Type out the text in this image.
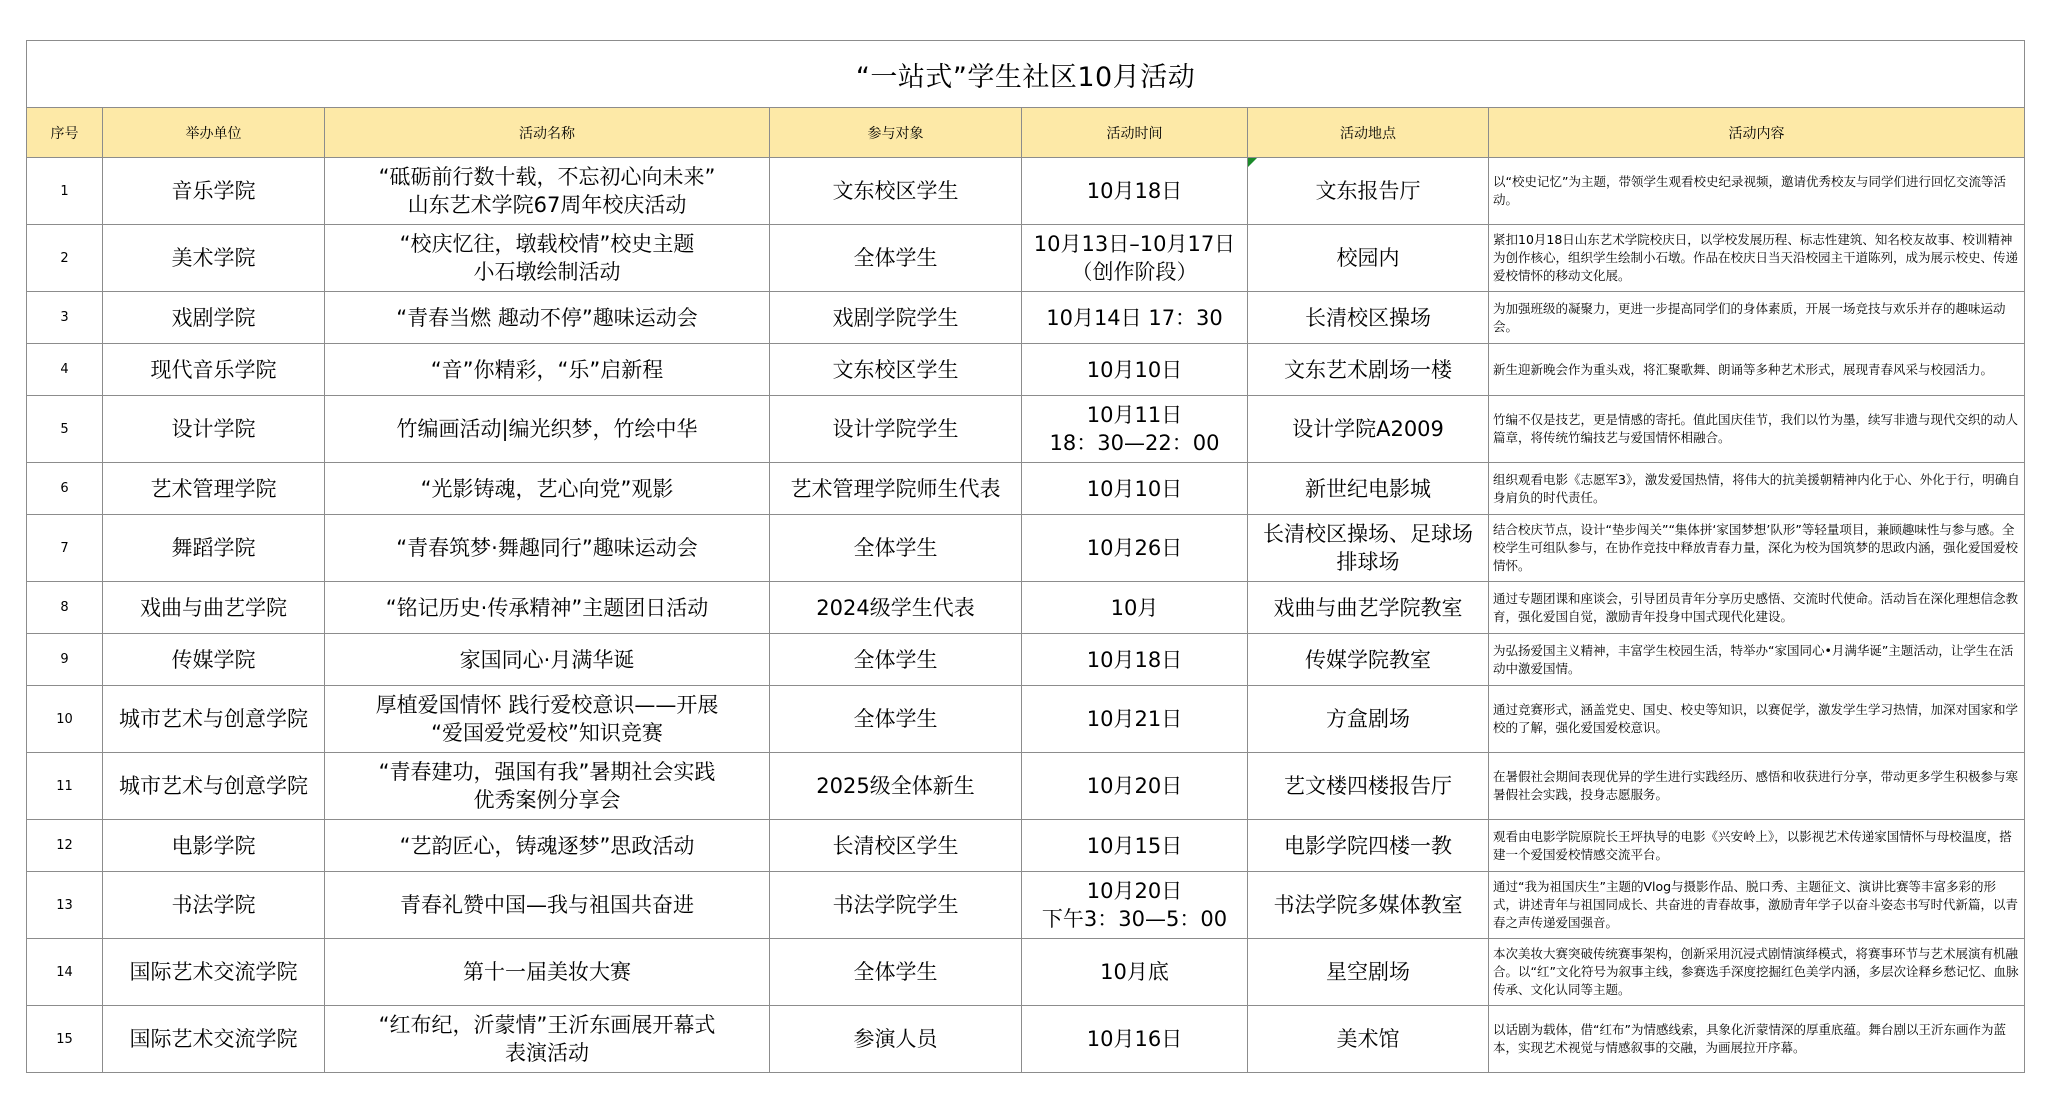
“一站式”学生社区10月活动						
序号	举办单位	活动名称	参与对象	活动时间	活动地点	活动内容
1	音乐学院	“砥砺前行数十载，不忘初心向未来”
山东艺术学院67周年校庆活动	文东校区学生	10月18日	文东报告厅	以“校史记忆”为主题，带领学生观看校史纪录视频，邀请优秀校友与同学们进行回忆交流等活动。
2	美术学院	“校庆忆往，墩载校情”校史主题
小石墩绘制活动	全体学生	10月13日–10月17日
（创作阶段）	校园内	紧扣10月18日山东艺术学院校庆日，以学校发展历程、标志性建筑、知名校友故事、校训精神为创作核心，组织学生绘制小石墩。作品在校庆日当天沿校园主干道陈列，成为展示校史、传递爱校情怀的移动文化展。
3	戏剧学院	“青春当燃 趣动不停”趣味运动会	戏剧学院学生	10月14日 17：30	长清校区操场	为加强班级的凝聚力，更进一步提高同学们的身体素质，开展一场竞技与欢乐并存的趣味运动会。
4	现代音乐学院	“音”你精彩，“乐”启新程	文东校区学生	10月10日	文东艺术剧场一楼	新生迎新晚会作为重头戏，将汇聚歌舞、朗诵等多种艺术形式，展现青春风采与校园活力。
5	设计学院	竹编画活动|编光织梦，竹绘中华	设计学院学生	10月11日
18：30—22：00	设计学院A2009	竹编不仅是技艺，更是情感的寄托。值此国庆佳节，我们以竹为墨，续写非遗与现代交织的动人篇章，将传统竹编技艺与爱国情怀相融合。
6	艺术管理学院	“光影铸魂，艺心向党”观影	艺术管理学院师生代表	10月10日	新世纪电影城	组织观看电影《志愿军3》，激发爱国热情，将伟大的抗美援朝精神内化于心、外化于行，明确自身肩负的时代责任。
7	舞蹈学院	“青春筑梦·舞趣同行”趣味运动会	全体学生	10月26日	长清校区操场、足球场
排球场	结合校庆节点，设计“垫步闯关”“集体拼‘家国梦想’队形”等轻量项目，兼顾趣味性与参与感。全校学生可组队参与，在协作竞技中释放青春力量，深化为校为国筑梦的思政内涵，强化爱国爱校情怀。
8	戏曲与曲艺学院	“铭记历史·传承精神”主题团日活动	2024级学生代表	10月	戏曲与曲艺学院教室	通过专题团课和座谈会，引导团员青年分享历史感悟、交流时代使命。活动旨在深化理想信念教育，强化爱国自觉，激励青年投身中国式现代化建设。
9	传媒学院	家国同心·月满华诞	全体学生	10月18日	传媒学院教室	为弘扬爱国主义精神，丰富学生校园生活，特举办“家国同心•月满华诞”主题活动，让学生在活动中激爱国情。
10	城市艺术与创意学院	厚植爱国情怀 践行爱校意识——开展
“爱国爱党爱校”知识竞赛	全体学生	10月21日	方盒剧场	通过竞赛形式，涵盖党史、国史、校史等知识，以赛促学，激发学生学习热情，加深对国家和学校的了解，强化爱国爱校意识。
11	城市艺术与创意学院	“青春建功，强国有我”暑期社会实践
优秀案例分享会	2025级全体新生	10月20日	艺文楼四楼报告厅	在暑假社会期间表现优异的学生进行实践经历、感悟和收获进行分享，带动更多学生积极参与寒暑假社会实践，投身志愿服务。
12	电影学院	“艺韵匠心，铸魂逐梦”思政活动	长清校区学生	10月15日	电影学院四楼一教	观看由电影学院原院长王坪执导的电影《兴安岭上》，以影视艺术传递家国情怀与母校温度，搭建一个爱国爱校情感交流平台。
13	书法学院	青春礼赞中国—我与祖国共奋进	书法学院学生	10月20日
下午3：30—5：00	书法学院多媒体教室	通过“我为祖国庆生”主题的Vlog与摄影作品、脱口秀、主题征文、演讲比赛等丰富多彩的形式，讲述青年与祖国同成长、共奋进的青春故事，激励青年学子以奋斗姿态书写时代新篇，以青春之声传递爱国强音。
14	国际艺术交流学院	第十一届美妆大赛	全体学生	10月底	星空剧场	本次美妆大赛突破传统赛事架构，创新采用沉浸式剧情演绎模式，将赛事环节与艺术展演有机融合。以“红”文化符号为叙事主线，参赛选手深度挖掘红色美学内涵，多层次诠释乡愁记忆、血脉传承、文化认同等主题。
15	国际艺术交流学院	“红布纪，沂蒙情”王沂东画展开幕式
表演活动	参演人员	10月16日	美术馆	以话剧为载体，借“红布”为情感线索，具象化沂蒙情深的厚重底蕴。舞台剧以王沂东画作为蓝本，实现艺术视觉与情感叙事的交融，为画展拉开序幕。
